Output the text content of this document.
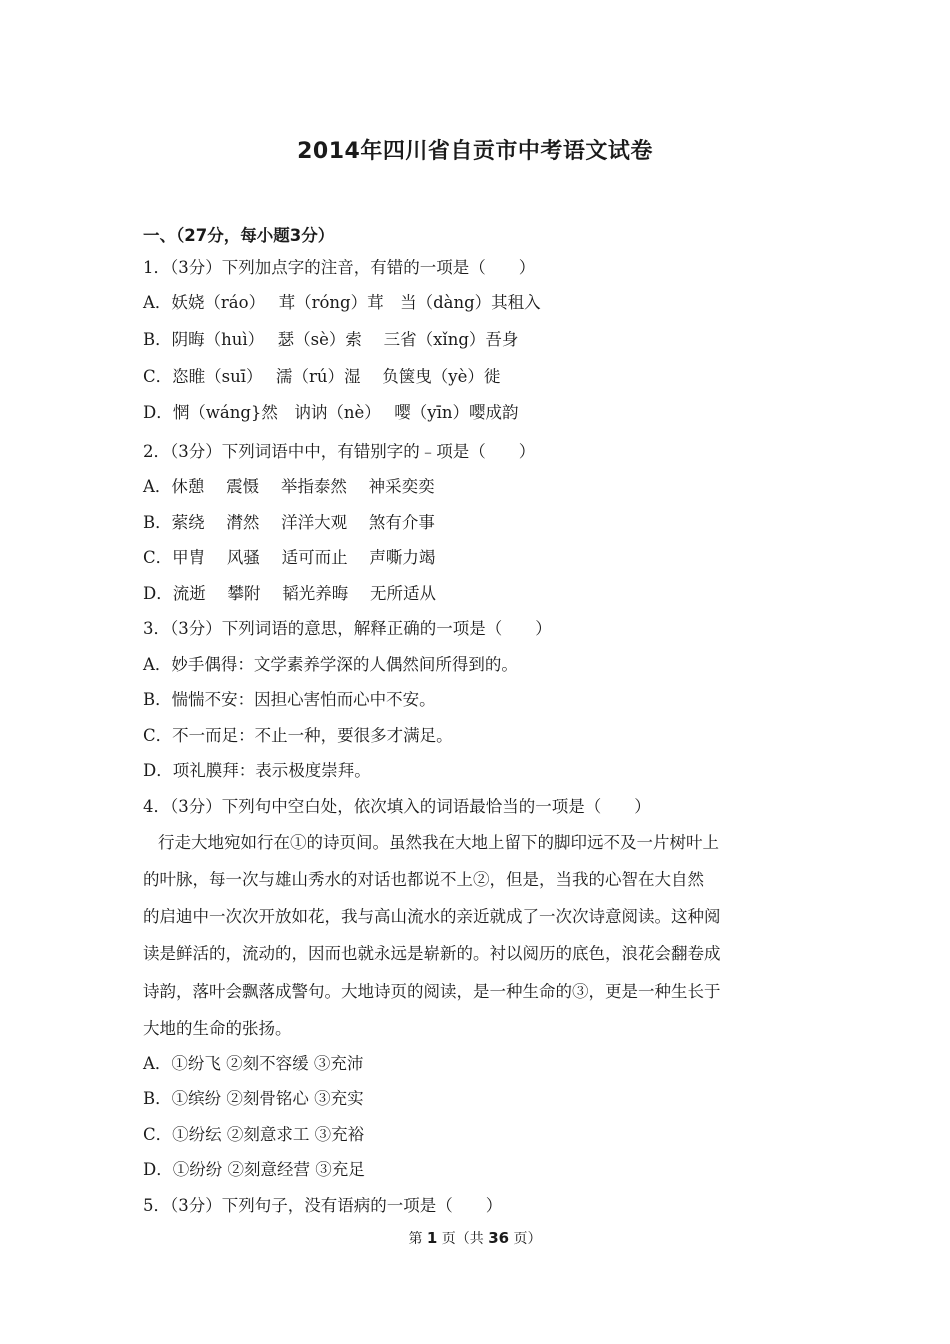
2014年四川省自贡市中考语文试卷
一、（27分，每小题3分）
1．（3分）下列加点字的注音，有错的一项是（　　）
A．妖娆（ráo）　 茸（róng）茸　当（dàng）其租入
B．阴晦（huì）　 瑟（sè）索　 三省（xǐng）吾身
C．恣睢（suī）　 濡（rú）湿　 负箧曳（yè）徙
D．惘（wáng}然　讷讷（nè）　 嘤（yīn）嘤成韵
2．（3分）下列词语中中，有错别字的﹣项是（　　）
A．休憩　 震慑　 举指泰然　 神采奕奕
B．萦绕　 潸然　 洋洋大观　 煞有介事
C．甲胄　 风骚　 适可而止　 声嘶力竭
D．流逝　 攀附　 韬光养晦　 无所适从
3．（3分）下列词语的意思，解释正确的一项是（　　）
A．妙手偶得：文学素养学深的人偶然间所得到的。
B．惴惴不安：因担心害怕而心中不安。
C．不一而足：不止一种，要很多才满足。
D．项礼膜拜：表示极度崇拜。
4．（3分）下列句中空白处，依次填入的词语最恰当的一项是（　　）
行走大地宛如行在①的诗页间。虽然我在大地上留下的脚印远不及一片树叶上
的叶脉，每一次与雄山秀水的对话也都说不上②，但是，当我的心智在大自然
的启迪中一次次开放如花，我与高山流水的亲近就成了一次次诗意阅读。这种阅
读是鲜活的，流动的，因而也就永远是崭新的。衬以阅历的底色，浪花会翻卷成
诗韵，落叶会飘落成警句。大地诗页的阅读，是一种生命的③，更是一种生长于
大地的生命的张扬。
A．①纷飞 ②刻不容缓 ③充沛
B．①缤纷 ②刻骨铭心 ③充实
C．①纷纭 ②刻意求工 ③充裕
D．①纷纷 ②刻意经营 ③充足
5．（3分）下列句子，没有语病的一项是（　　）
第 1 页（共 36 页）
